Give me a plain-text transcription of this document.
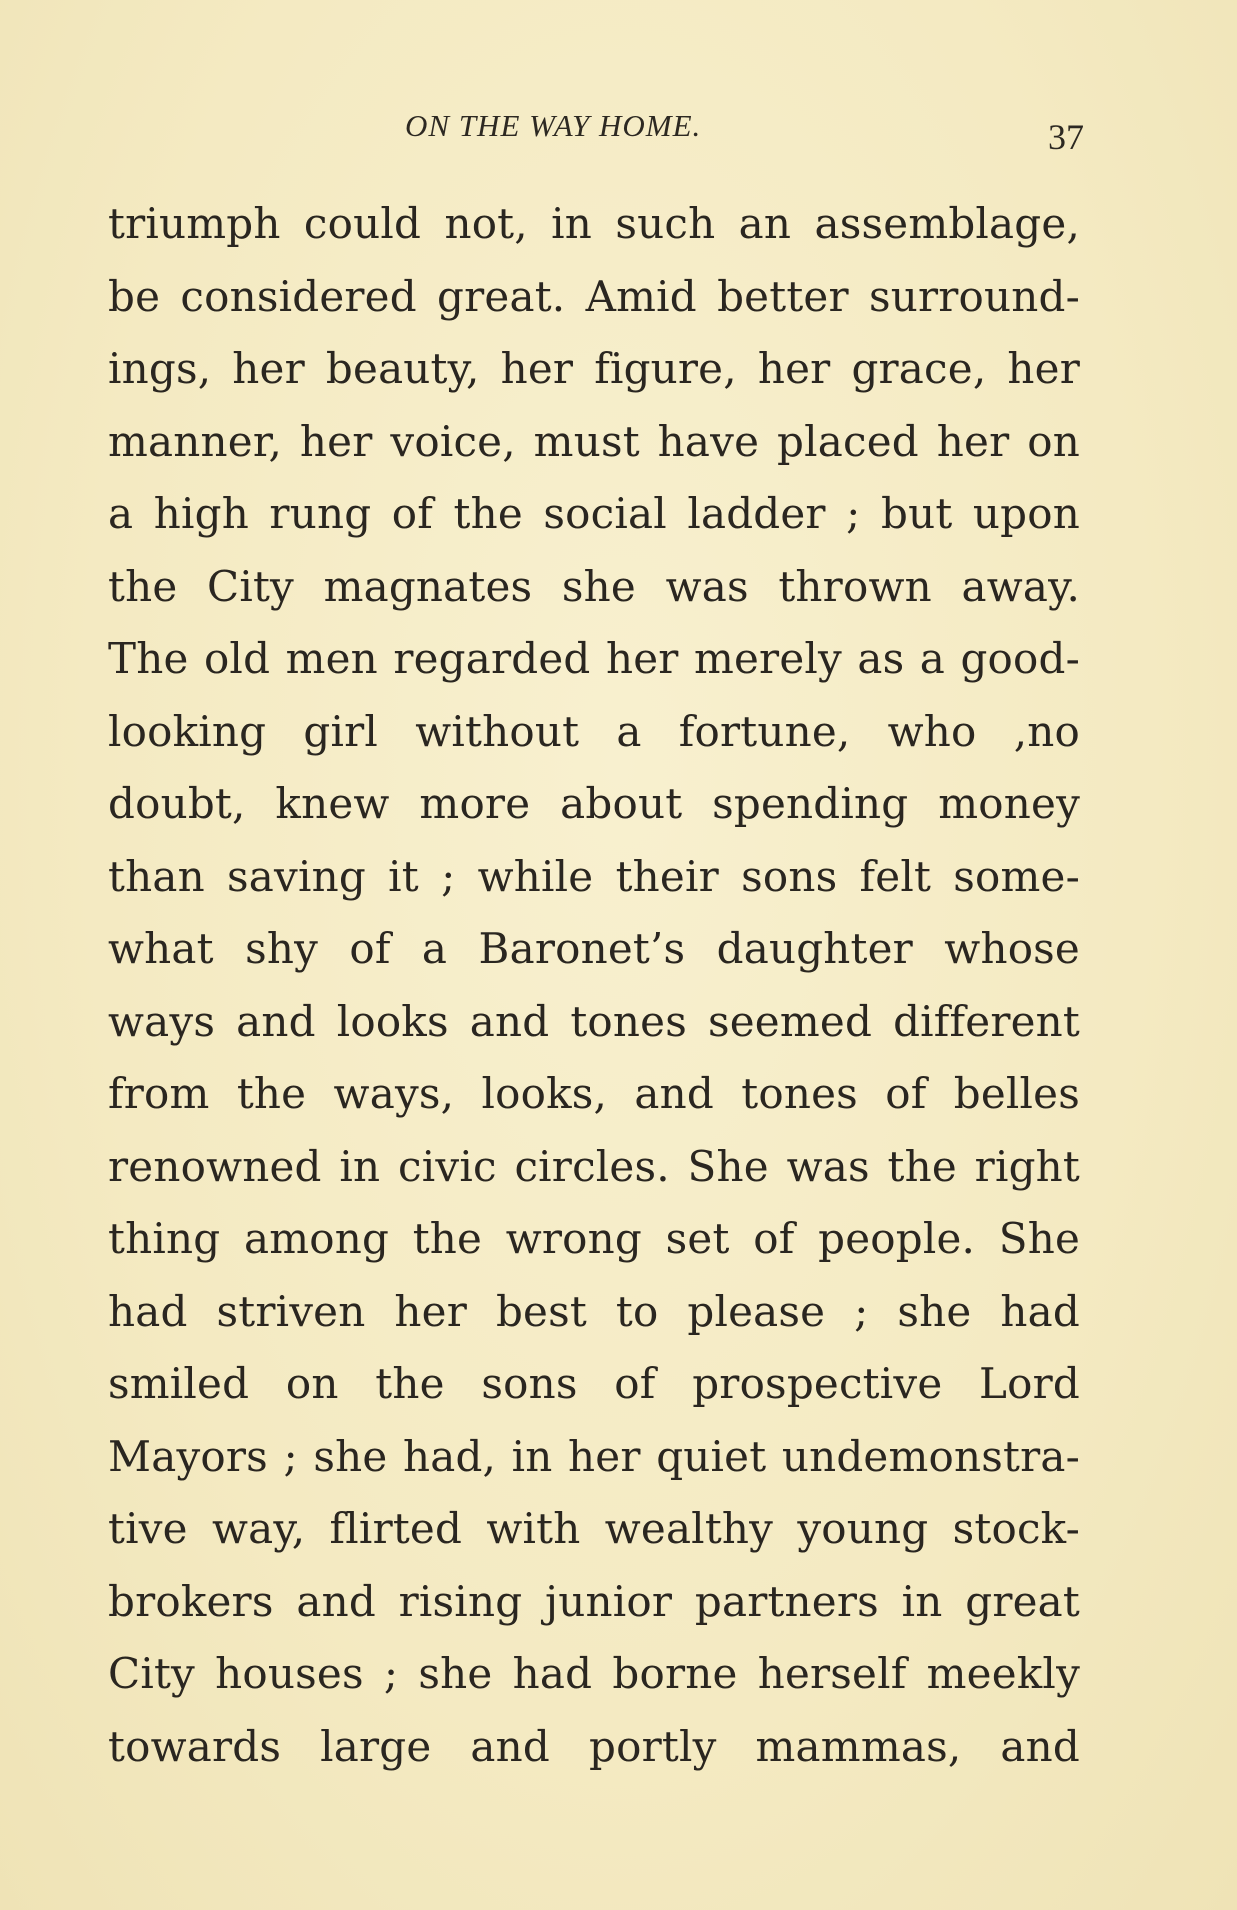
ON THE WAY HOME.	37
triumph could not, in such an assemblage,
be considered great. Amid better surround-
ings, her beauty, her figure, her grace, her
manner, her voice, must have placed her on
a high rung of the social ladder ; but upon
the City magnates she was thrown away.
The old men regarded her merely as a good-
looking girl without a fortune, who ,no
doubt, knew more about spending money
than saving it ; while their sons felt some-
what shy of a Baronet’s daughter whose
ways and looks and tones seemed different
from the ways, looks, and tones of belles
renowned in civic circles. She was the right
thing among the wrong set of people. She
had striven her best to please ; she had
smiled on the sons of prospective Lord
Mayors ; she had, in her quiet undemonstra-
tive way, flirted with wealthy young stock-
brokers and rising junior partners in great
City houses ; she had borne herself meekly
towards large and portly mammas, and
